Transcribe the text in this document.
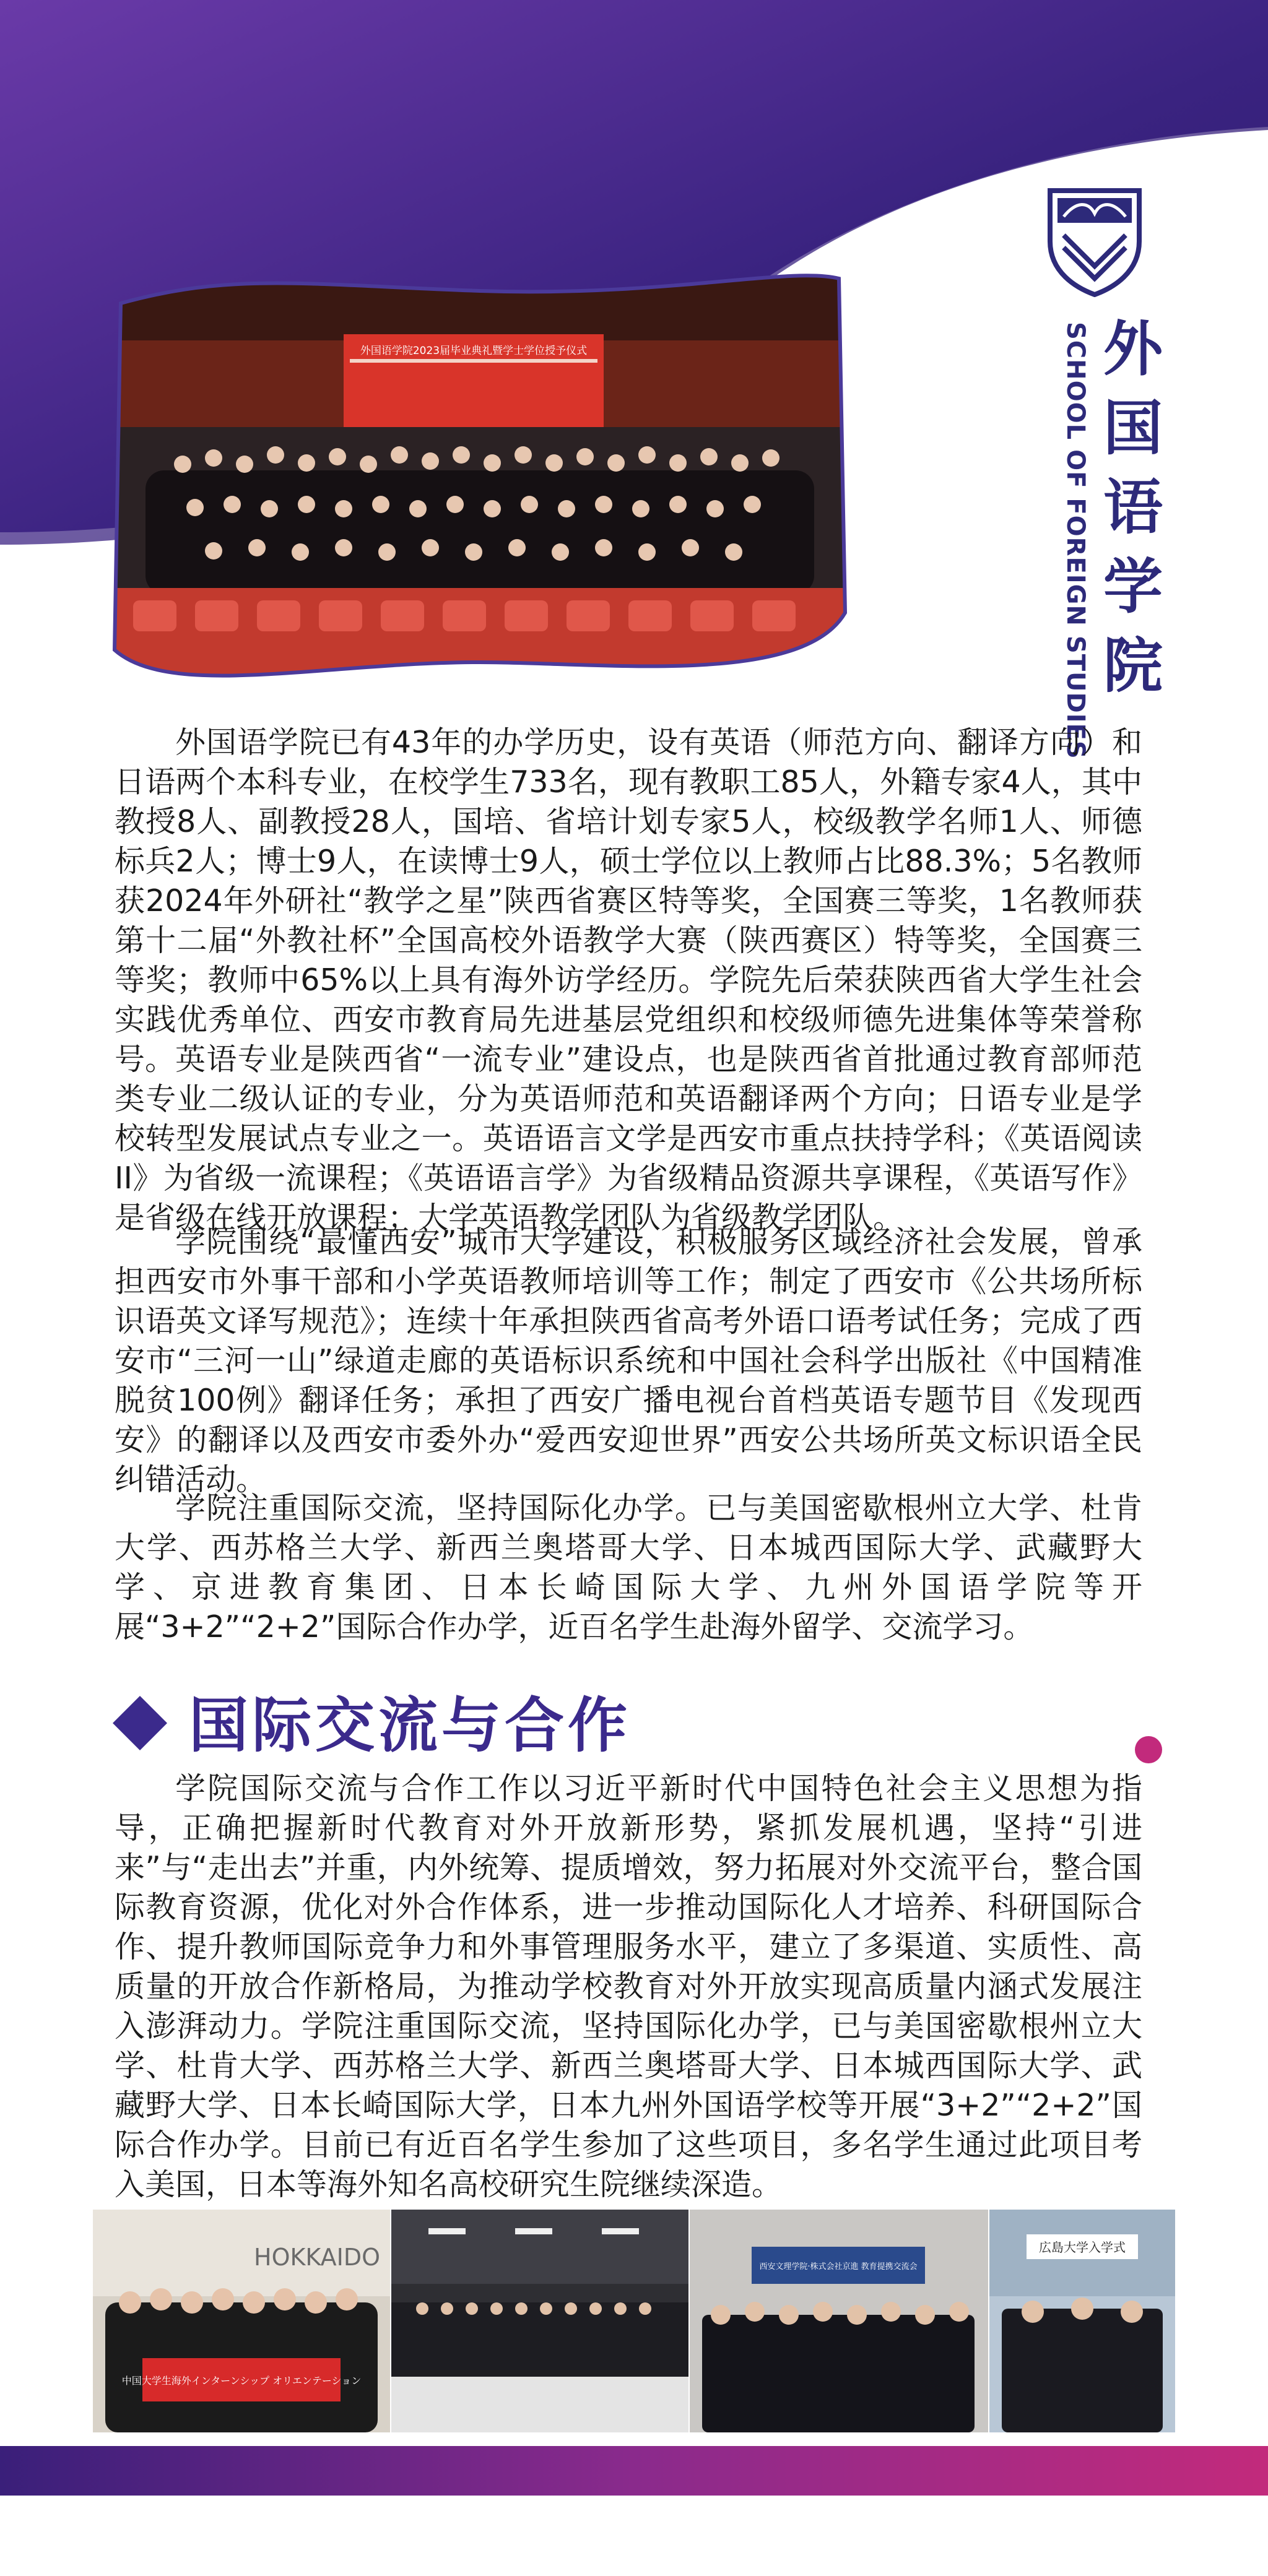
外国语学院2023届毕业典礼暨学士学位授予仪式	外国语学院
SCHOOL OF FOREIGN STUDIES
外国语学院已有43年的办学历史，设有英语（师范方向、翻译方向）和日语两个本科专业，在校学生733名，现有教职工85人，外籍专家4人，其中教授8人、副教授28人，国培、省培计划专家5人，校级教学名师1人、师德标兵2人；博士9人，在读博士9人，硕士学位以上教师占比88.3%；5名教师获2024年外研社“教学之星”陕西省赛区特等奖，全国赛三等奖，1名教师获第十二届“外教社杯”全国高校外语教学大赛（陕西赛区）特等奖，全国赛三等奖；教师中65%以上具有海外访学经历。学院先后荣获陕西省大学生社会实践优秀单位、西安市教育局先进基层党组织和校级师德先进集体等荣誉称号。 英语专业是陕西省“一流专业”建设点，也是陕西省首批通过教育部师范类专业二级认证的专业，分为英语师范和英语翻译两个方向；日语专业是学校转型发展试点专业之一。英语语言文学是西安市重点扶持学科；《英语阅读II》为省级一流课程；《英语语言学》为省级精品资源共享课程，《英语写作》是省级在线开放课程；大学英语教学团队为省级教学团队。
学院围绕“最懂西安”城市大学建设，积极服务区域经济社会发展，曾承担西安市外事干部和小学英语教师培训等工作；制定了西安市《公共场所标识语英文译写规范》；连续十年承担陕西省高考外语口语考试任务；完成了西安市“三河一山”绿道走廊的英语标识系统和中国社会科学出版社《中国精准脱贫100例》翻译任务；承担了西安广播电视台首档英语专题节目《发现西安》的翻译以及西安市委外办“爱西安迎世界”西安公共场所英文标识语全民纠错活动。
学院注重国际交流，坚持国际化办学。已与美国密歇根州立大学、杜肯大学、西苏格兰大学、新西兰奥塔哥大学、日本城西国际大学、武藏野大学、京进教育集团、日本长崎国际大学、九州外国语学院等开展“3+2”“2+2”国际合作办学，近百名学生赴海外留学、交流学习。
国际交流与合作
学院国际交流与合作工作以习近平新时代中国特色社会主义思想为指导，正确把握新时代教育对外开放新形势，紧抓发展机遇，坚持“引进来”与“走出去”并重，内外统筹、提质增效，努力拓展对外交流平台，整合国际教育资源，优化对外合作体系，进一步推动国际化人才培养、科研国际合作、提升教师国际竞争力和外事管理服务水平，建立了多渠道、实质性、高质量的开放合作新格局，为推动学校教育对外开放实现高质量内涵式发展注入澎湃动力。学院注重国际交流，坚持国际化办学，已与美国密歇根州立大学、杜肯大学、西苏格兰大学、新西兰奥塔哥大学、日本城西国际大学、武藏野大学、日本长崎国际大学，日本九州外国语学校等开展“3+2”“2+2”国际合作办学。目前已有近百名学生参加了这些项目，多名学生通过此项目考入美国，日本等海外知名高校研究生院继续深造。
HOKKAIDO
中国大学生海外インターンシップ オリエンテーション
西安文理学院·株式会社京進 教育提携交流会
広島大学入学式
